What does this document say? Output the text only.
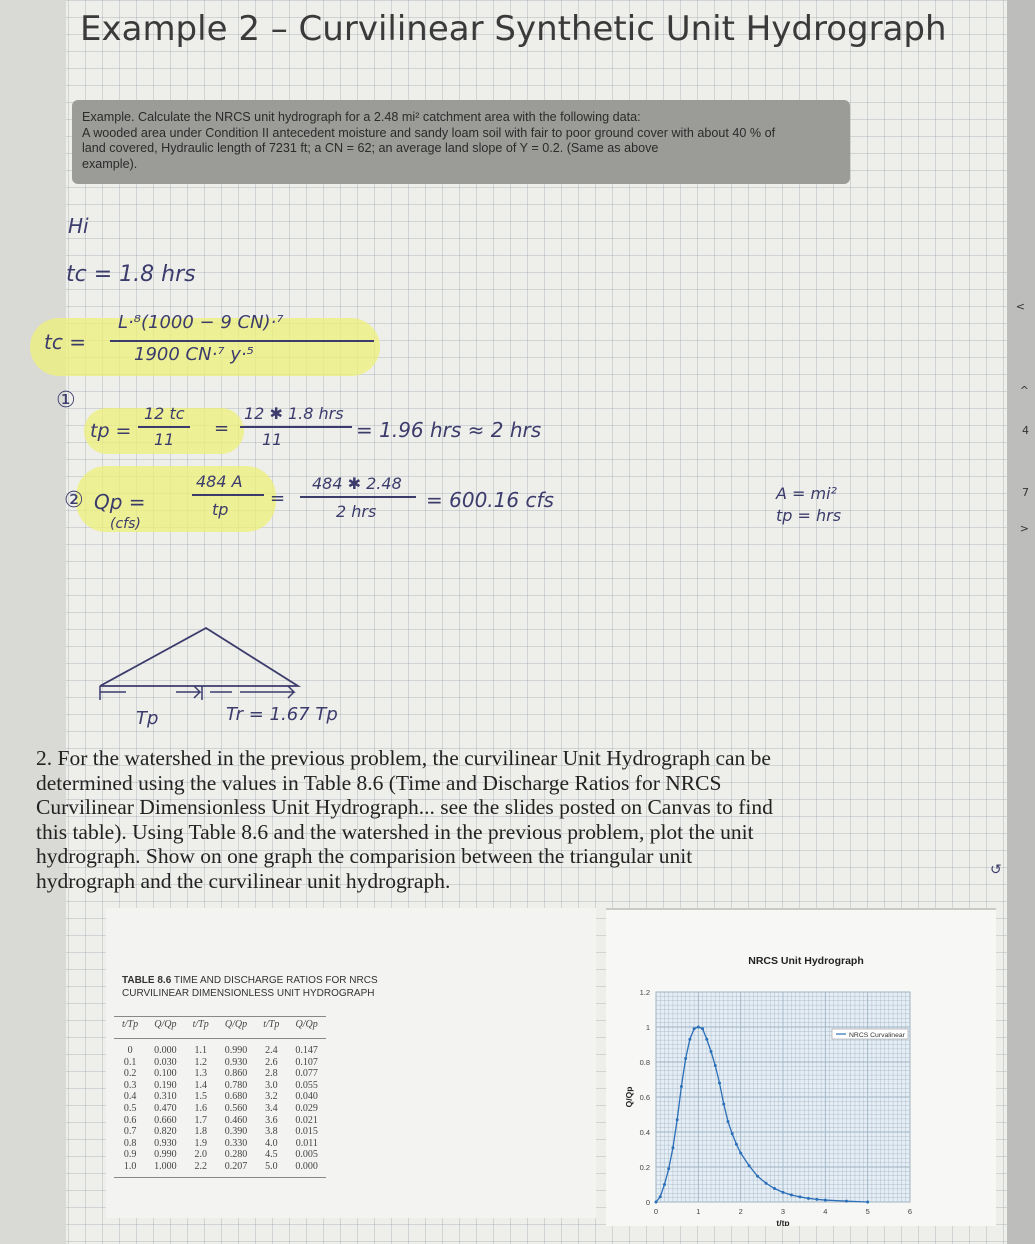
^
4
7
>
<
Example 2 – Curvilinear Synthetic Unit Hydrograph
Example. Calculate the NRCS unit hydrograph for a 2.48 mi² catchment area with the following data:
A wooded area under Condition II antecedent moisture and sandy loam soil with fair to poor ground cover with about 40 % of
land covered, Hydraulic length of 7231 ft; a CN = 62; an average land slope of Y = 0.2. (Same as above
example).
Hi
tᴄ = 1.8 hrs
tᴄ =
L·⁸(1000 − 9 CN)·⁷
1900 CN·⁷ y·⁵
①
tp =
12 tᴄ
11
=
12 ✱ 1.8 hrs
11	= 1.96 hrs ≈ 2 hrs
② Qp =
(cfs)
484 A
tp
=
484 ✱ 2.48
2 hrs = 600.16 cfs	A = mi²
tp = hrs
Tp	Tr = 1.67 Tp
2. For the watershed in the previous problem, the curvilinear Unit Hydrograph can be
determined using the values in Table 8.6 (Time and Discharge Ratios for NRCS
Curvilinear Dimensionless Unit Hydrograph... see the slides posted on Canvas to find
this table). Using Table 8.6 and the watershed in the previous problem, plot the unit
hydrograph. Show on one graph the comparision between the triangular unit
hydrograph and the curvilinear unit hydrograph.	↺
TABLE 8.6 TIME AND DISCHARGE RATIOS FOR NRCS
CURVILINEAR DIMENSIONLESS UNIT HYDROGRAPH
t/Tp	Q/Qp	t/Tp	Q/Qp	t/Tp	Q/Qp
0	0.000	1.1	0.990	2.4	0.147
0.1	0.030	1.2	0.930	2.6	0.107
0.2	0.100	1.3	0.860	2.8	0.077
0.3	0.190	1.4	0.780	3.0	0.055
0.4	0.310	1.5	0.680	3.2	0.040
0.5	0.470	1.6	0.560	3.4	0.029
0.6	0.660	1.7	0.460	3.6	0.021
0.7	0.820	1.8	0.390	3.8	0.015
0.8	0.930	1.9	0.330	4.0	0.011
0.9	0.990	2.0	0.280	4.5	0.005
1.0	1.000	2.2	0.207	5.0	0.000
NRCS Unit Hydrograph
0
0.2
0.4
0.6
0.8
1
1.2
0	1	2	3	4	5	6
t/tp
Q/Qp
NRCS Curvalinear
